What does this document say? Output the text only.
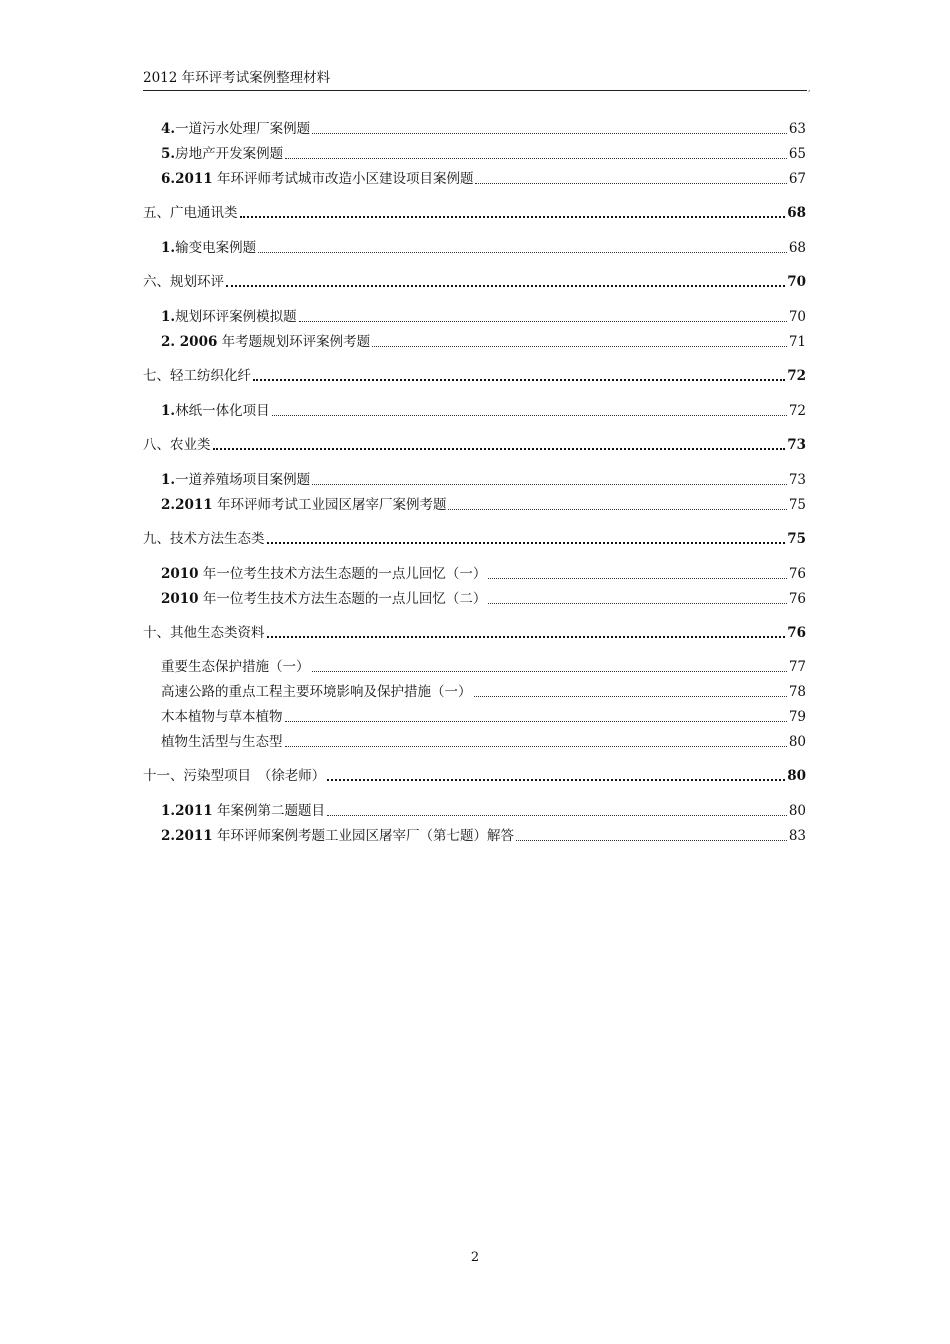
2012 年环评考试案例整理材料
,
4.一道污水处理厂案例题	63
5.房地产开发案例题	65
6.2011 年环评师考试城市改造小区建设项目案例题	67
五、广电通讯类	68
1.输变电案例题	68
六、规划环评	70
1.规划环评案例模拟题	70
2. 2006 年考题规划环评案例考题	71
七、轻工纺织化纤	72
1.林纸一体化项目	72
八、农业类	73
1.一道养殖场项目案例题	73
2.2011 年环评师考试工业园区屠宰厂案例考题	75
九、技术方法生态类	75
2010 年一位考生技术方法生态题的一点儿回忆（一）	76
2010 年一位考生技术方法生态题的一点儿回忆（二）	76
十、其他生态类资料	76
重要生态保护措施（一）	77
高速公路的重点工程主要环境影响及保护措施（一）	78
木本植物与草本植物	79
植物生活型与生态型	80
十一、污染型项目　（徐老师）	80
1.2011 年案例第二题题目	80
2.2011 年环评师案例考题工业园区屠宰厂（第七题）解答	83
2
